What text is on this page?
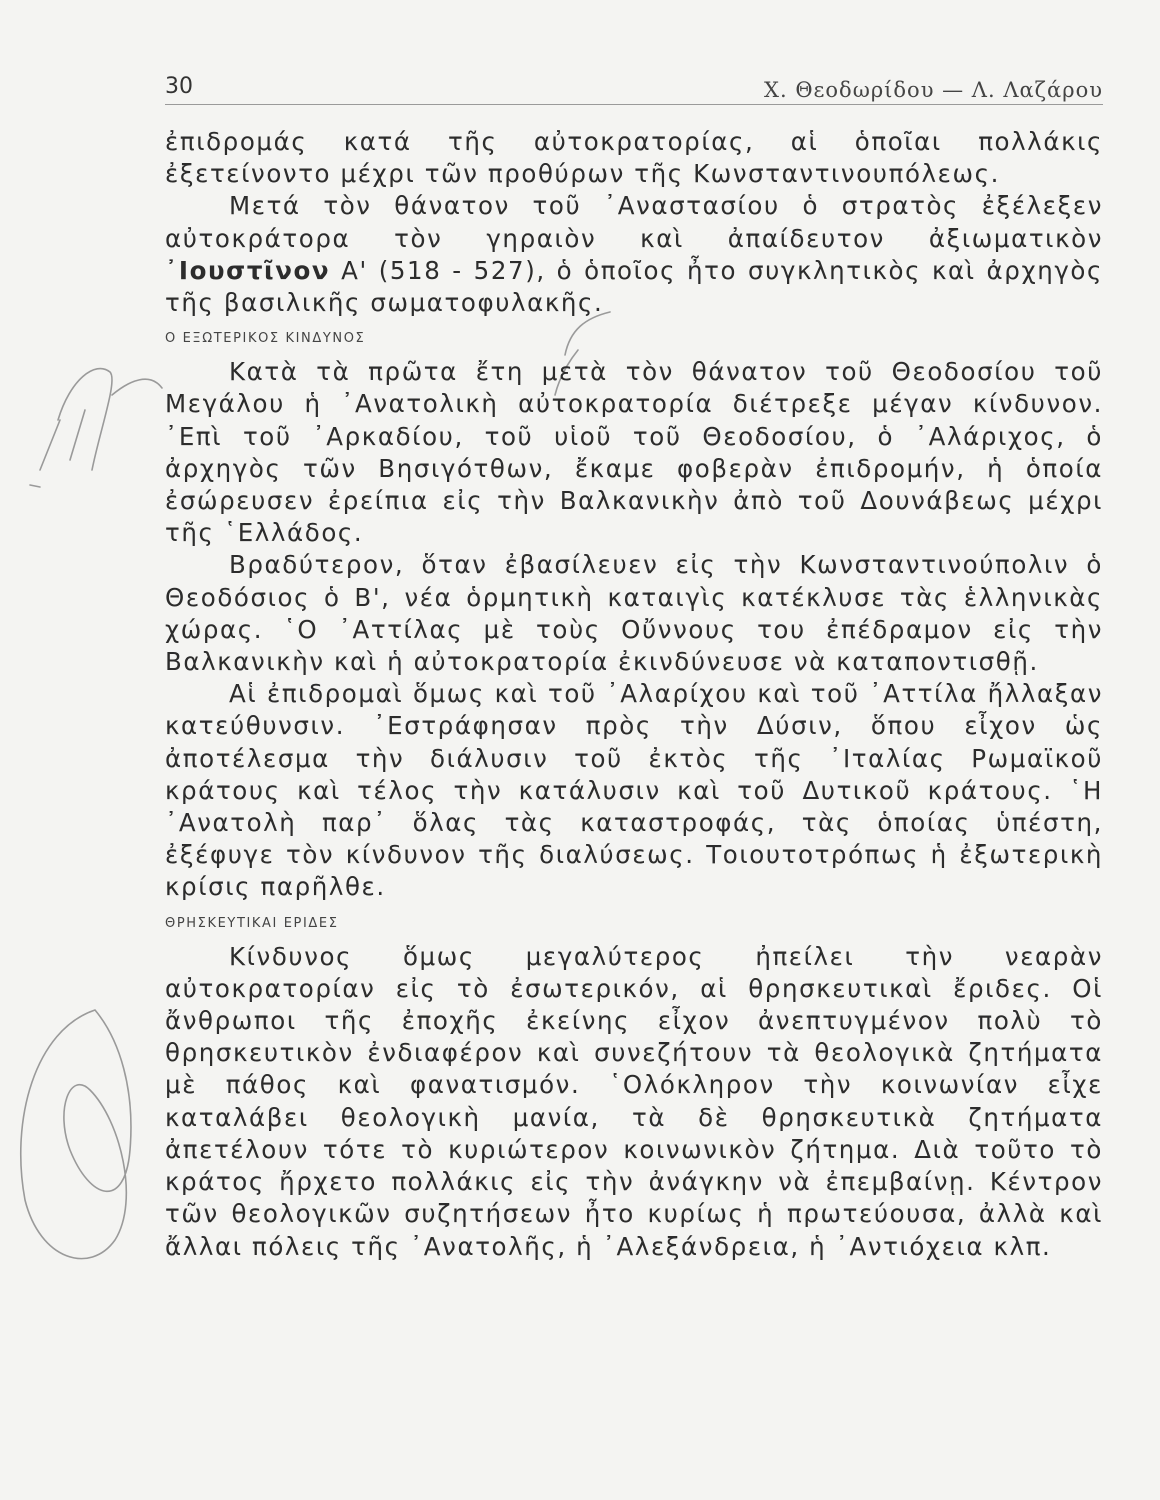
30	Χ. Θεοδωρίδου — Λ. Λαζάρου

ἐπιδρομάς κατά τῆς αὐτοκρατορίας, αἱ ὁποῖαι πολλάκις ἐξετείνοντο μέχρι τῶν προθύρων τῆς Κωνσταντινουπόλεως.

Μετά τὸν θάνατον τοῦ ᾿Αναστασίου ὁ στρατὸς ἐξέλεξεν αὐτοκράτορα τὸν γηραιὸν καὶ ἀπαίδευτον ἀξιωματικὸν ᾿Ιουστῖνον Α' (518 - 527), ὁ ὁποῖος ἦτο συγκλητικὸς καὶ ἀρχηγὸς τῆς βασιλικῆς σωματοφυλακῆς.

Ο ΕΞΩΤΕΡΙΚΟΣ ΚΙΝΔΥΝΟΣ

Κατὰ τὰ πρῶτα ἔτη μετὰ τὸν θάνατον τοῦ Θεοδοσίου τοῦ Μεγάλου ἡ ᾿Ανατολικὴ αὐτοκρατορία διέτρεξε μέγαν κίνδυνον. ᾿Επὶ τοῦ ᾿Αρκαδίου, τοῦ υἱοῦ τοῦ Θεοδοσίου, ὁ ᾿Αλάριχος, ὁ ἀρχηγὸς τῶν Βησιγότθων, ἔκαμε φοβερὰν ἐπιδρομήν, ἡ ὁποία ἐσώρευσεν ἐρείπια εἰς τὴν Βαλκανικὴν ἀπὸ τοῦ Δουνάβεως μέχρι τῆς ῾Ελλάδος.

Βραδύτερον, ὅταν ἐβασίλευεν εἰς τὴν Κωνσταντινούπολιν ὁ Θεοδόσιος ὁ Β', νέα ὁρμητικὴ καταιγὶς κατέκλυσε τὰς ἑλληνικὰς χώρας. ῾Ο ᾿Αττίλας μὲ τοὺς Οὔννους του ἐπέδραμον εἰς τὴν Βαλκανικὴν καὶ ἡ αὐτοκρατορία ἐκινδύνευσε νὰ καταποντισθῇ.

Αἱ ἐπιδρομαὶ ὅμως καὶ τοῦ ᾿Αλαρίχου καὶ τοῦ ᾿Αττίλα ἤλλαξαν κατεύθυνσιν. ᾿Εστράφησαν πρὸς τὴν Δύσιν, ὅπου εἶχον ὡς ἀποτέλεσμα τὴν διάλυσιν τοῦ ἐκτὸς τῆς ᾿Ιταλίας Ρωμαϊκοῦ κράτους καὶ τέλος τὴν κατάλυσιν καὶ τοῦ Δυτικοῦ κράτους. ῾Η ᾿Ανατολὴ παρ᾿ ὅλας τὰς καταστροφάς, τὰς ὁποίας ὑπέστη, ἐξέφυγε τὸν κίνδυνον τῆς διαλύσεως. Τοιουτοτρόπως ἡ ἐξωτερικὴ κρίσις παρῆλθε.

ΘΡΗΣΚΕΥΤΙΚΑΙ ΕΡΙΔΕΣ

Κίνδυνος ὅμως μεγαλύτερος ἠπείλει τὴν νεαρὰν αὐτοκρατορίαν εἰς τὸ ἐσωτερικόν, αἱ θρησκευτικαὶ ἔριδες. Οἱ ἄνθρωποι τῆς ἐποχῆς ἐκείνης εἶχον ἀνεπτυγμένον πολὺ τὸ θρησκευτικὸν ἐνδιαφέρον καὶ συνεζήτουν τὰ θεολογικὰ ζητήματα μὲ πάθος καὶ φανατισμόν. ῾Ολόκληρον τὴν κοινωνίαν εἶχε καταλάβει θεολογικὴ μανία, τὰ δὲ θρησκευτικὰ ζητήματα ἀπετέλουν τότε τὸ κυριώτερον κοινωνικὸν ζήτημα. Διὰ τοῦτο τὸ κράτος ἤρχετο πολλάκις εἰς τὴν ἀνάγκην νὰ ἐπεμβαίνῃ. Κέντρον τῶν θεολογικῶν συζητήσεων ἦτο κυρίως ἡ πρωτεύουσα, ἀλλὰ καὶ ἄλλαι πόλεις τῆς ᾿Ανατολῆς, ἡ ᾿Αλεξάνδρεια, ἡ ᾿Αντιόχεια κλπ.
